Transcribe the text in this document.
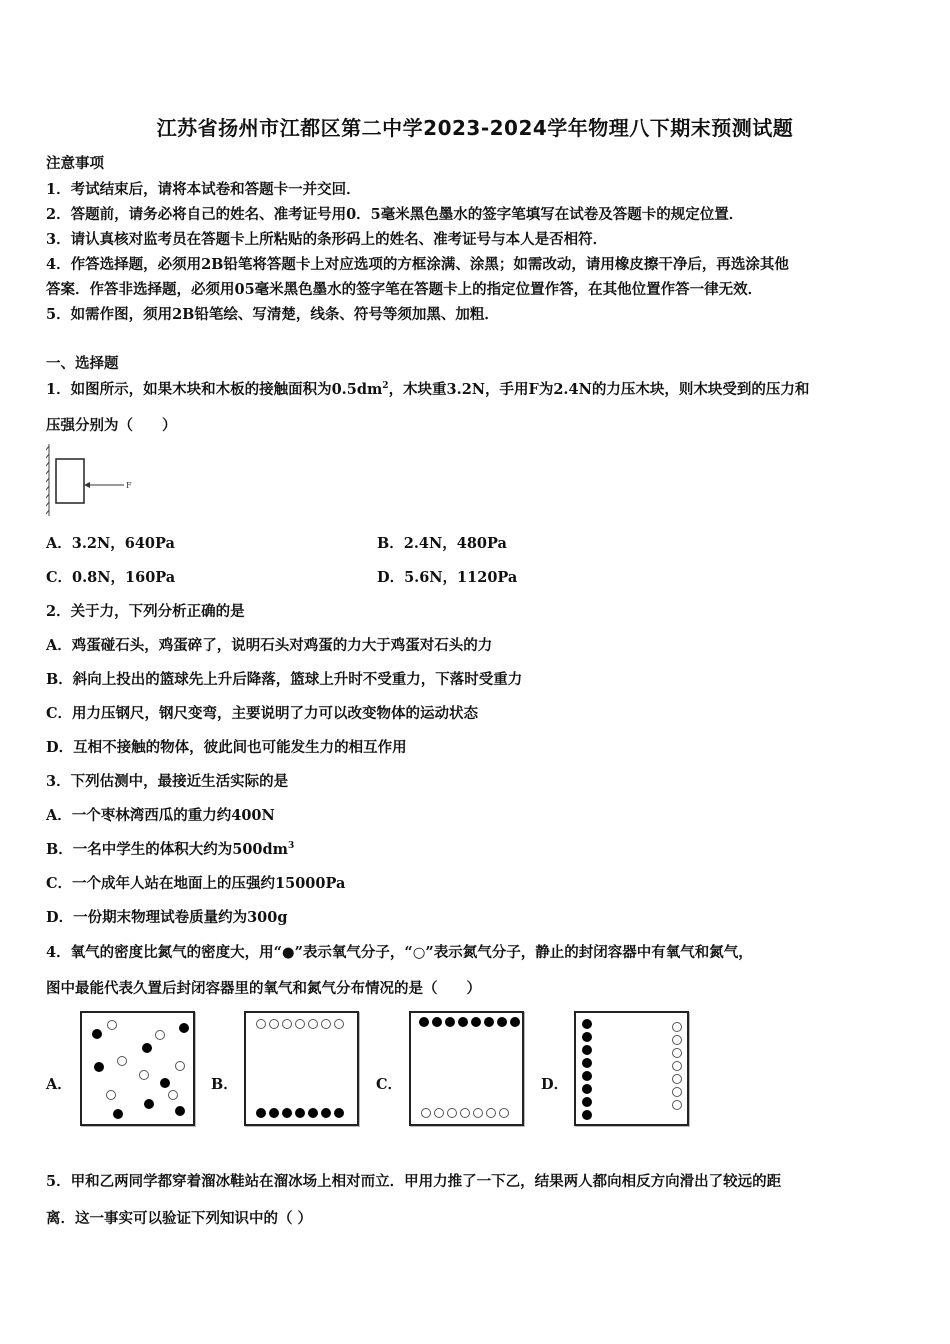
江苏省扬州市江都区第二中学2023-2024学年物理八下期末预测试题
注意事项
1．考试结束后，请将本试卷和答题卡一并交回．
2．答题前，请务必将自己的姓名、准考证号用0．5毫米黑色墨水的签字笔填写在试卷及答题卡的规定位置．
3．请认真核对监考员在答题卡上所粘贴的条形码上的姓名、准考证号与本人是否相符．
4．作答选择题，必须用2B铅笔将答题卡上对应选项的方框涂满、涂黑；如需改动，请用橡皮擦干净后，再选涂其他
答案．作答非选择题，必须用05毫米黑色墨水的签字笔在答题卡上的指定位置作答，在其他位置作答一律无效．
5．如需作图，须用2B铅笔绘、写清楚，线条、符号等须加黑、加粗．
一、选择题
1．如图所示，如果木块和木板的接触面积为$0.5dm^2$，木块重3.2N，手用F为2.4N的力压木块，则木块受到的压力和
压强分别为（　　）
F
A．3.2N，640Pa	B．2.4N，480Pa
C．0.8N，160Pa	D．5.6N，1120Pa
2．关于力，下列分析正确的是
A．鸡蛋碰石头，鸡蛋碎了，说明石头对鸡蛋的力大于鸡蛋对石头的力
B．斜向上投出的篮球先上升后降落，篮球上升时不受重力，下落时受重力
C．用力压钢尺，钢尺变弯，主要说明了力可以改变物体的运动状态
D．互相不接触的物体，彼此间也可能发生力的相互作用
3．下列估测中，最接近生活实际的是
A．一个枣林湾西瓜的重力约400N
B．一名中学生的体积大约为$500dm^3$
C．一个成年人站在地面上的压强约15000Pa
D．一份期末物理试卷质量约为300g
4．氧气的密度比氮气的密度大，用“●”表示氧气分子，“○”表示氮气分子，静止的封闭容器中有氧气和氮气，
图中最能代表久置后封闭容器里的氧气和氮气分布情况的是（　　）
A．	B．	C．	D．
5．甲和乙两同学都穿着溜冰鞋站在溜冰场上相对而立．甲用力推了一下乙，结果两人都向相反方向滑出了较远的距
离．这一事实可以验证下列知识中的（ ）
